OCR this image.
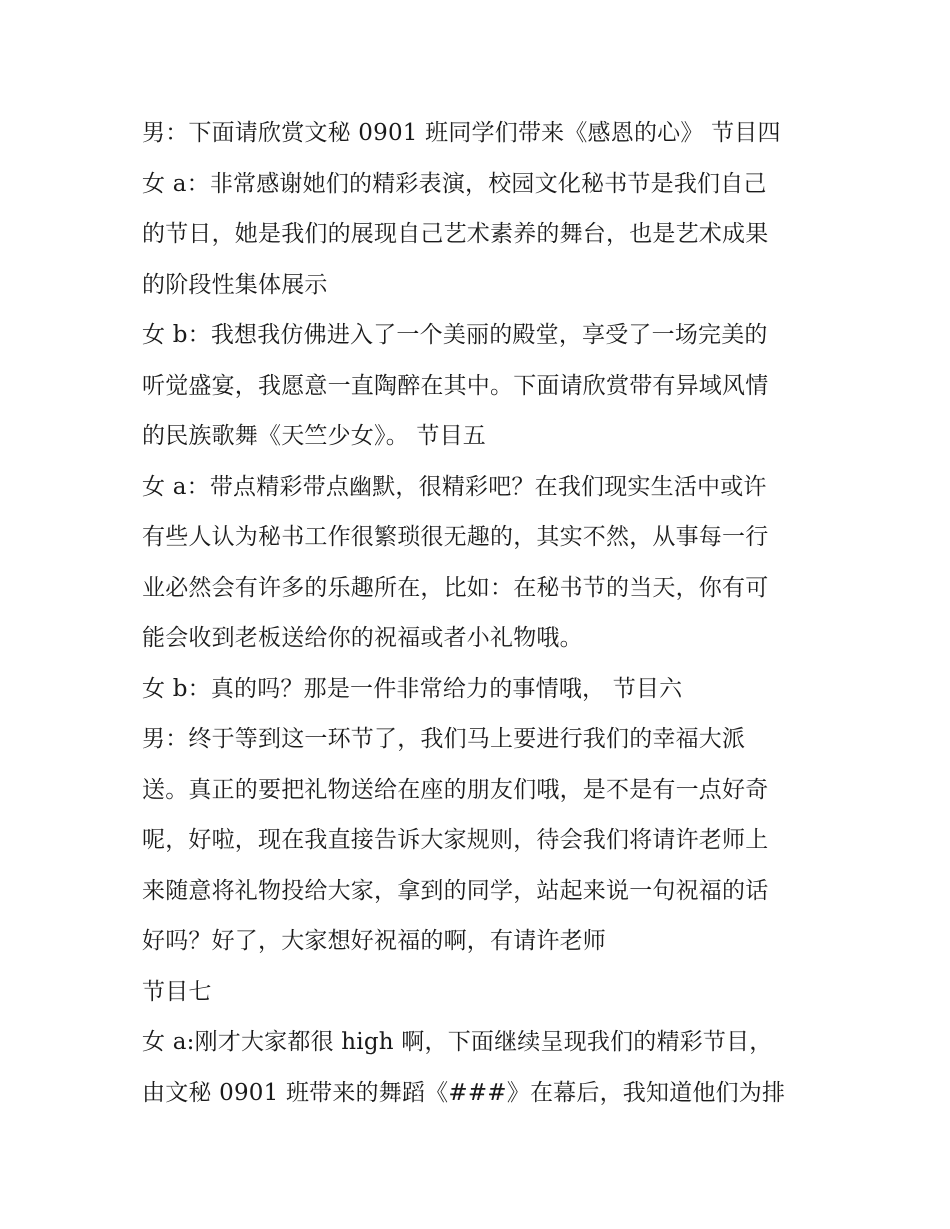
男：下面请欣赏文秘 0901 班同学们带来《感恩的心》 节目四
女 a：非常感谢她们的精彩表演，校园文化秘书节是我们自己
的节日，她是我们的展现自己艺术素养的舞台，也是艺术成果
的阶段性集体展示
女 b：我想我仿佛进入了一个美丽的殿堂，享受了一场完美的
听觉盛宴，我愿意一直陶醉在其中。下面请欣赏带有异域风情
的民族歌舞《天竺少女》。 节目五
女 a：带点精彩带点幽默，很精彩吧？在我们现实生活中或许
有些人认为秘书工作很繁琐很无趣的，其实不然，从事每一行
业必然会有许多的乐趣所在，比如：在秘书节的当天，你有可
能会收到老板送给你的祝福或者小礼物哦。
女 b：真的吗？那是一件非常给力的事情哦， 节目六
男：终于等到这一环节了，我们马上要进行我们的幸福大派
送。真正的要把礼物送给在座的朋友们哦，是不是有一点好奇
呢，好啦，现在我直接告诉大家规则，待会我们将请许老师上
来随意将礼物投给大家，拿到的同学，站起来说一句祝福的话
好吗？好了，大家想好祝福的啊，有请许老师
节目七
女 a:刚才大家都很 high 啊，下面继续呈现我们的精彩节目，
由文秘 0901 班带来的舞蹈《###》在幕后，我知道他们为排
